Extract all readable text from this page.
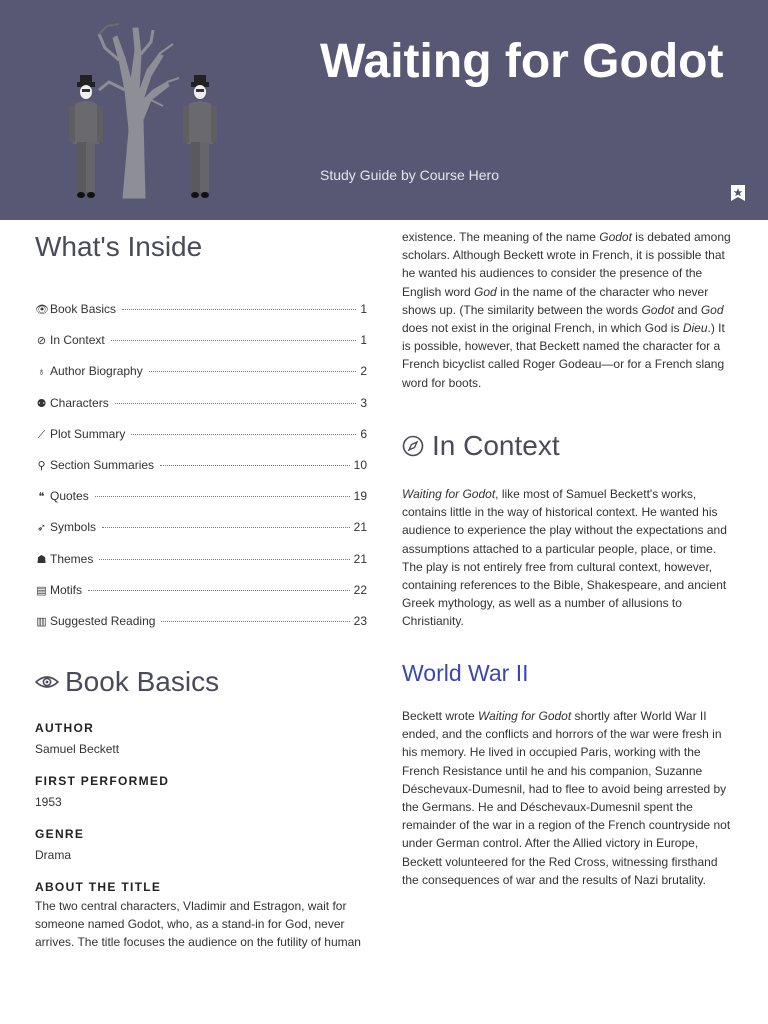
Waiting for Godot
Study Guide by Course Hero
What's Inside
👁 Book Basics	1
⊘ In Context	1
♁ Author Biography	2
⚉ Characters	3
⟋ Plot Summary	6
⚲ Section Summaries	10
❝ Quotes	19
➶ Symbols	21
☗ Themes	21
▤ Motifs	22
▥ Suggested Reading	23
Book Basics

AUTHOR

Samuel Beckett

FIRST PERFORMED

1953

GENRE

Drama

ABOUT THE TITLE

The two central characters, Vladimir and Estragon, wait for someone named Godot, who, as a stand-in for God, never arrives. The title focuses the audience on the futility of human

existence. The meaning of the name Godot is debated among scholars. Although Beckett wrote in French, it is possible that he wanted his audiences to consider the presence of the English word God in the name of the character who never shows up. (The similarity between the words Godot and God does not exist in the original French, in which God is Dieu.) It is possible, however, that Beckett named the character for a French bicyclist called Roger Godeau—or for a French slang word for boots.

In Context

Waiting for Godot, like most of Samuel Beckett's works, contains little in the way of historical context. He wanted his audience to experience the play without the expectations and assumptions attached to a particular people, place, or time. The play is not entirely free from cultural context, however, containing references to the Bible, Shakespeare, and ancient Greek mythology, as well as a number of allusions to Christianity.

World War II

Beckett wrote Waiting for Godot shortly after World War II ended, and the conflicts and horrors of the war were fresh in his memory. He lived in occupied Paris, working with the French Resistance until he and his companion, Suzanne Déschevaux-Dumesnil, had to flee to avoid being arrested by the Germans. He and Déschevaux-Dumesnil spent the remainder of the war in a region of the French countryside not under German control. After the Allied victory in Europe, Beckett volunteered for the Red Cross, witnessing firsthand the consequences of war and the results of Nazi brutality.
